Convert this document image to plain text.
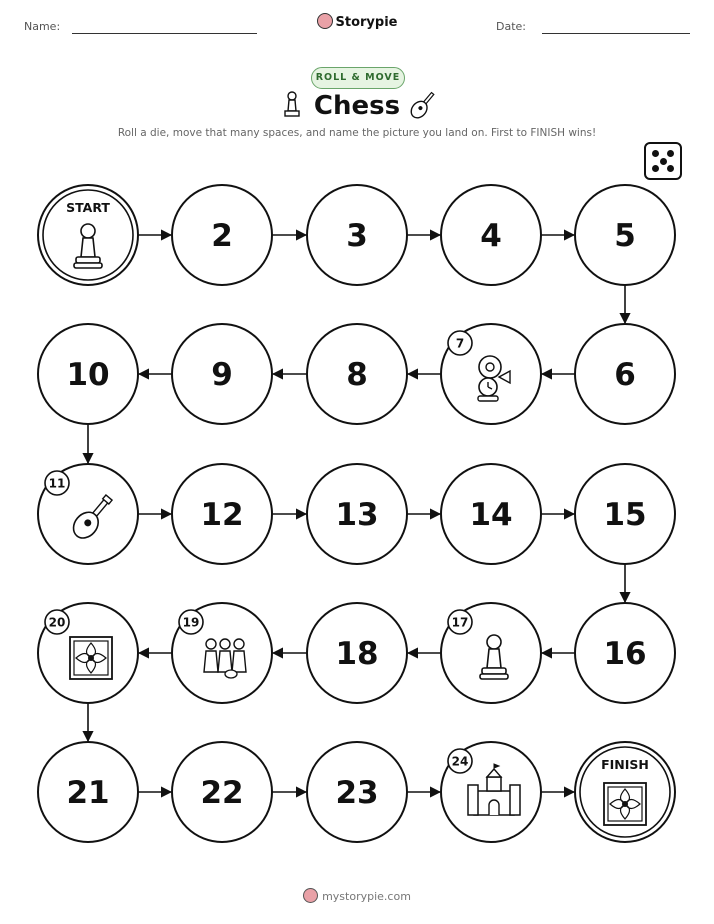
Name:	Storypie	Date:
ROLL & MOVE
Chess
Roll a die, move that many spaces, and name the picture you land on. First to FINISH wins!
START
2	3	4	5
6
7
8
9
10
11
12	13	14	15
16
17
18
19
20
21	22	23
24	FINISH
mystorypie.com
